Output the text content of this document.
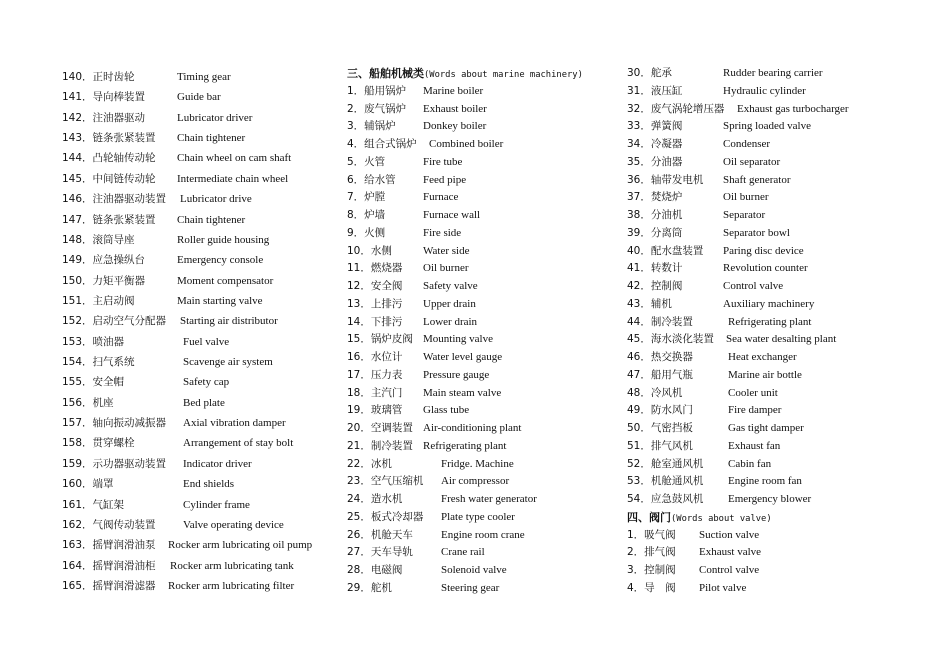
140．正时齿轮	Timing gear
141．导向棒装置	Guide bar
142．注油器驱动	Lubricator driver
143．链条张紧装置 Chain tightener
144．凸轮轴传动轮 Chain wheel on cam shaft
145．中间链传动轮 Intermediate chain wheel
146．注油器驱动装置 Lubricator drive
147．链条张紧装置 Chain tightener
148．滚筒导座	Roller guide housing
149．应急操纵台	Emergency console
150．力矩平衡器	Moment compensator
151．主启动阀	Main starting valve
152．启动空气分配器 Starting air distributor
153．喷油器	Fuel valve
154．扫气系统	Scavenge air system
155．安全帽	Safety cap
156．机座	Bed plate
157．轴向振动减振器 Axial vibration damper
158．贯穿螺栓	Arrangement of stay bolt
159．示功器驱动装置 Indicator driver
160．端罩	End shields
161．气缸架	Cylinder frame
162．气阀传动装置 Valve operating device
163．摇臂润滑油泵 Rocker arm lubricating oil pump
164．摇臂润滑油柜 Rocker arm lubricating tank
165．摇臂润滑滤器 Rocker arm lubricating filter
三、船舶机械类(Words about marine machinery)
1．船用锅炉 Marine boiler
2．废气锅炉 Exhaust boiler
3．辅锅炉 Donkey boiler
4．组合式锅炉 Combined boiler
5．火管	Fire tube
6．给水管 Feed pipe
7．炉膛	Furnace
8．炉墙	Furnace wall
9．火侧	Fire side
10．水侧	Water side
11．燃烧器 Oil burner
12．安全阀 Safety valve
13．上排污 Upper drain
14．下排污 Lower drain
15．锅炉皮阀 Mounting valve
16．水位计 Water level gauge
17．压力表 Pressure gauge
18．主汽门 Main steam valve
19．玻璃管 Glass tube
20．空调装置 Air-conditioning plant
21．制冷装置 Refrigerating plant
22．冰机	Fridge. Machine
23．空气压缩机 Air compressor
24．造水机	Fresh water generator
25．板式冷却器 Plate type cooler
26．机舱天车	Engine room crane
27．天车导轨	Crane rail
28．电磁阀	Solenoid valve
29．舵机	Steering gear
30．舵承	Rudder bearing carrier
31．液压缸	Hydraulic cylinder
32．废气涡轮增压器 Exhaust gas turbocharger
33．弹簧阀	Spring loaded valve
34．冷凝器	Condenser
35．分油器	Oil separator
36．轴带发电机 Shaft generator
37．焚烧炉	Oil burner
38．分油机	Separator
39．分离筒	Separator bowl
40．配水盘装置 Paring disc device
41．转数计	Revolution counter
42．控制阀	Control valve
43．辅机	Auxiliary machinery
44．制冷装置	Refrigerating plant
45．海水淡化装置 Sea water desalting plant
46．热交换器	Heat exchanger
47．船用气瓶	Marine air bottle
48．冷风机	Cooler unit
49．防水风门	Fire damper
50．气密挡板	Gas tight damper
51．排气风机	Exhaust fan
52．舱室通风机 Cabin fan
53．机舱通风机 Engine room fan
54．应急鼓风机 Emergency blower
四、阀门(Words about valve)
1．吸气阀 Suction valve
2．排气阀 Exhaust valve
3．控制阀 Control valve
4．导　阀 Pilot valve
